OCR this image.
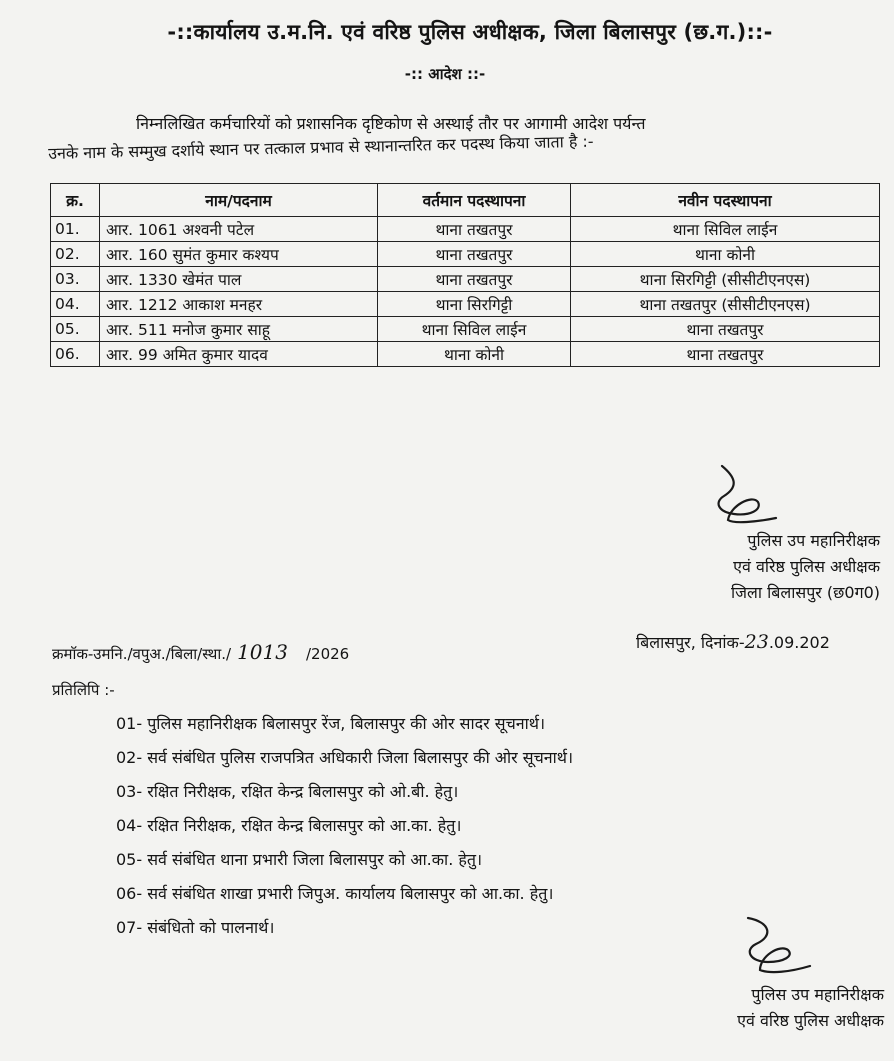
-::कार्यालय उ.म.नि. एवं वरिष्ठ पुलिस अधीक्षक, जिला बिलासपुर (छ.ग.)::-
-:: आदेश ::-
निम्नलिखित कर्मचारियों को प्रशासनिक दृष्टिकोण से अस्थाई तौर पर आगामी आदेश पर्यन्त
उनके नाम के सम्मुख दर्शाये स्थान पर तत्काल प्रभाव से स्थानान्तरित कर पदस्थ किया जाता है :-
क्र.	नाम/पदनाम	वर्तमान पदस्थापना	नवीन पदस्थापना
01.	आर. 1061 अश्वनी पटेल	थाना तखतपुर	थाना सिविल लाईन
02.	आर. 160 सुमंत कुमार कश्यप	थाना तखतपुर	थाना कोनी
03.	आर. 1330 खेमंत पाल	थाना तखतपुर	थाना सिरगिट्टी (सीसीटीएनएस)
04.	आर. 1212 आकाश मनहर	थाना सिरगिट्टी	थाना तखतपुर (सीसीटीएनएस)
05.	आर. 511 मनोज कुमार साहू	थाना सिविल लाईन	थाना तखतपुर
06.	आर. 99 अमित कुमार यादव	थाना कोनी	थाना तखतपुर
पुलिस उप महानिरीक्षक
एवं वरिष्ठ पुलिस अधीक्षक
जिला बिलासपुर (छ0ग0)
क्रमॉक-उमनि./वपुअ./बिला/स्था./ 1013 /2026
बिलासपुर, दिनांक-23.09.202
प्रतिलिपि :-
01- पुलिस महानिरीक्षक बिलासपुर रेंज, बिलासपुर की ओर सादर सूचनार्थ।
02- सर्व संबंधित पुलिस राजपत्रित अधिकारी जिला बिलासपुर की ओर सूचनार्थ।
03- रक्षित निरीक्षक, रक्षित केन्द्र बिलासपुर को ओ.बी. हेतु।
04- रक्षित निरीक्षक, रक्षित केन्द्र बिलासपुर को आ.का. हेतु।
05- सर्व संबंधित थाना प्रभारी जिला बिलासपुर को आ.का. हेतु।
06- सर्व संबंधित शाखा प्रभारी जिपुअ. कार्यालय बिलासपुर को आ.का. हेतु।
07- संबंधितो को पालनार्थ।
पुलिस उप महानिरीक्षक
एवं वरिष्ठ पुलिस अधीक्षक
